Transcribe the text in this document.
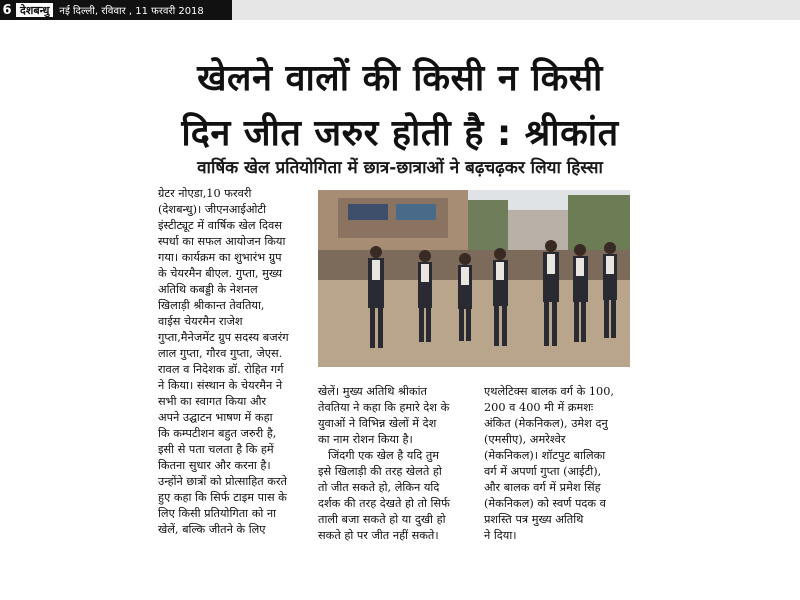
6 देशबन्धु	नई दिल्ली, रविवार , 11 फरवरी 2018
खेलने वालों की किसी न किसी
दिन जीत जरुर होती है : श्रीकांत
वार्षिक खेल प्रतियोगिता में छात्र-छात्राओं ने बढ़चढ़कर लिया हिस्सा

ग्रेटर नोएडा,10 फरवरी

(देशबन्धु)। जीएनआईओटी

इंस्टीट्यूट में वार्षिक खेल दिवस

स्पर्धा का सफल आयोजन किया

गया। कार्यक्रम का शुभारंभ ग्रुप

के चेयरमैन बीएल. गुप्ता, मुख्य

अतिथि कबड्डी के नेशनल

खिलाड़ी श्रीकान्त तेवतिया,

वाईस चेयरमैन राजेश

गुप्ता,मैनेजमेंट ग्रुप सदस्य बजरंग

लाल गुप्ता, गौरव गुप्ता, जेएस.

रावल व निदेशक डॉ. रोहित गर्ग

ने किया। संस्थान के चेयरमैन ने

सभी का स्वागत किया और

अपने उद्घाटन भाषण में कहा

कि कम्पटीशन बहुत जरुरी है,

इसी से पता चलता है कि हमें

कितना सुधार और करना है।

उन्होंने छात्रों को प्रोत्साहित करते

हुए कहा कि सिर्फ टाइम पास के

लिए किसी प्रतियोगिता को ना

खेलें, बल्कि जीतने के लिए

खेलें। मुख्य अतिथि श्रीकांत

तेवतिया ने कहा कि हमारे देश के

युवाओं ने विभिन्न खेलों में देश

का नाम रोशन किया है।

जिंदगी एक खेल है यदि तुम

इसे खिलाड़ी की तरह खेलते हो

तो जीत सकते हो, लेकिन यदि

दर्शक की तरह देखते हो तो सिर्फ

ताली बजा सकते हो या दुखी हो

सकते हो पर जीत नहीं सकते।

एथलेटिक्स बालक वर्ग के 100,

200 व 400 मी में क्रमशः

अंकित (मेकनिकल), उमेश दनु

(एमसीए), अमरेश्वेर

(मेकनिकल)। शॉटपुट बालिका

वर्ग में अपर्णा गुप्ता (आईटी),

और बालक वर्ग में प्रमेश सिंह

(मेकनिकल) को स्वर्ण पदक व

प्रशस्ति पत्र मुख्य अतिथि

ने दिया।
